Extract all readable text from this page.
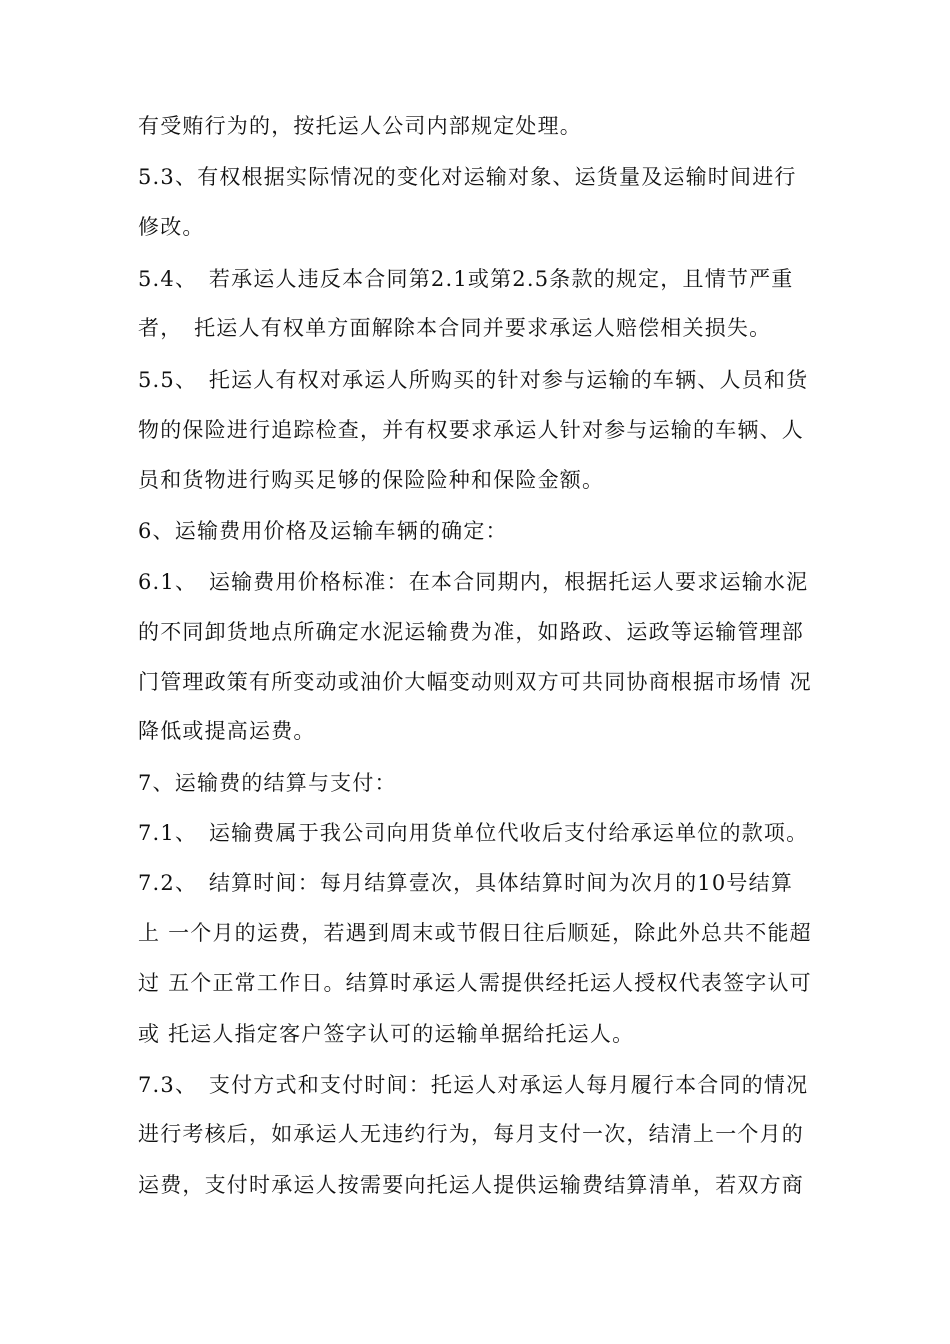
有受贿行为的，按托运人公司内部规定处理。
5.3、有权根据实际情况的变化对运输对象、运货量及运输时间进行
修改。
5.4、　若承运人违反本合同第2.1或第2.5条款的规定，且情节严重
者，　托运人有权单方面解除本合同并要求承运人赔偿相关损失。
5.5、　托运人有权对承运人所购买的针对参与运输的车辆、人员和货
物的保险进行追踪检查，并有权要求承运人针对参与运输的车辆、人
员和货物进行购买足够的保险险种和保险金额。
6、运输费用价格及运输车辆的确定：
6.1、　运输费用价格标准：在本合同期内，根据托运人要求运输水泥
的不同卸货地点所确定水泥运输费为准，如路政、运政等运输管理部
门管理政策有所变动或油价大幅变动则双方可共同协商根据市场情 况
降低或提高运费。
7、运输费的结算与支付：
7.1、　运输费属于我公司向用货单位代收后支付给承运单位的款项。
7.2、　结算时间：每月结算壹次，具体结算时间为次月的10号结算
上 一个月的运费，若遇到周末或节假日往后顺延，除此外总共不能超
过 五个正常工作日。结算时承运人需提供经托运人授权代表签字认可
或 托运人指定客户签字认可的运输单据给托运人。
7.3、　支付方式和支付时间：托运人对承运人每月履行本合同的情况
进行考核后，如承运人无违约行为，每月支付一次，结清上一个月的
运费，支付时承运人按需要向托运人提供运输费结算清单，若双方商
